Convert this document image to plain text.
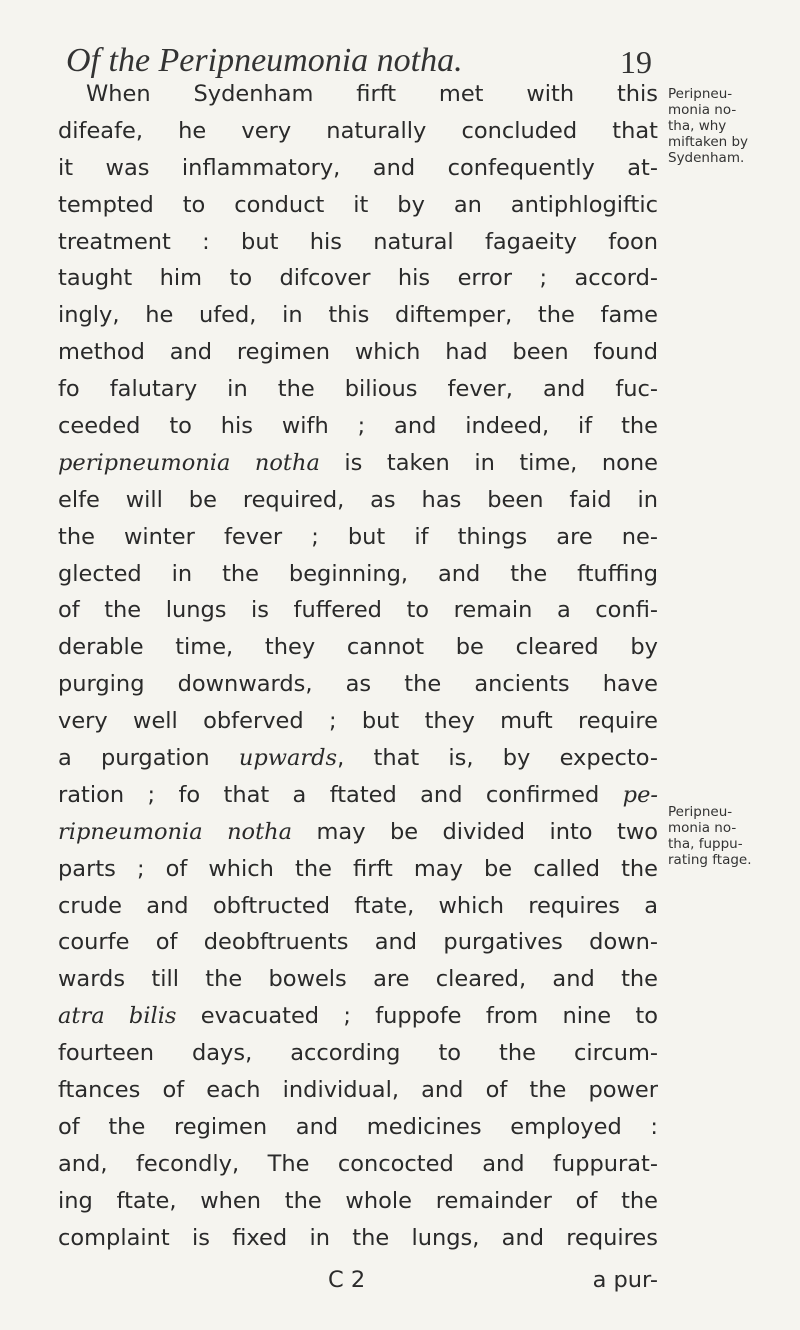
Of the Peripneumonia notha.	19
When Sydenham firft met with this
difeafe, he very naturally concluded that
it was inflammatory, and confequently at-
tempted to conduct it by an antiphlogiftic
treatment : but his natural fagaeity foon
taught him to difcover his error ; accord-
ingly, he ufed, in this diftemper, the fame
method and regimen which had been found
fo falutary in the bilious fever, and fuc-
ceeded to his wifh ; and indeed, if the
peripneumonia notha is taken in time, none
elfe will be required, as has been faid in
the winter fever ; but if things are ne-
glected in the beginning, and the ftuffing
of the lungs is fuffered to remain a confi-
derable time, they cannot be cleared by
purging downwards, as the ancients have
very well obferved ; but they muft require
a purgation upwards, that is, by expecto-
ration ; fo that a ftated and confirmed pe-
ripneumonia notha may be divided into two
parts ; of which the firft may be called the
crude and obftructed ftate, which requires a
courfe of deobftruents and purgatives down-
wards till the bowels are cleared, and the
atra bilis evacuated ; fuppofe from nine to
fourteen days, according to the circum-
ftances of each individual, and of the power
of the regimen and medicines employed :
and, fecondly, The concocted and fuppurat-
ing ftate, when the whole remainder of the
complaint is fixed in the lungs, and requires
C 2	a pur-
Peripneu-
monia no-
tha, why
miftaken by
Sydenham.
Peripneu-
monia no-
tha, fuppu-
rating ftage.
